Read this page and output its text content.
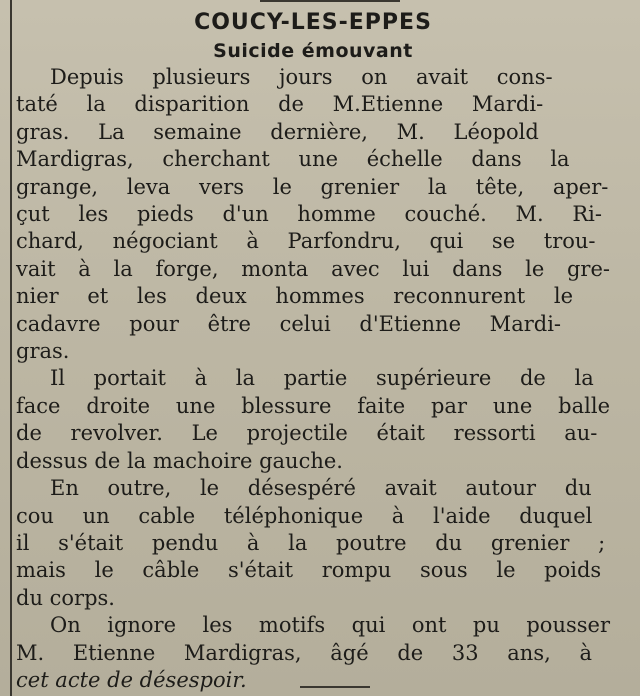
COUCY-LES-EPPES
Suicide émouvant

Depuis plusieurs jours on avait cons-
taté la disparition de M.Etienne Mardi-
gras. La semaine dernière, M. Léopold
Mardigras, cherchant une échelle dans la
grange, leva vers le grenier la tête, aper-
çut les pieds d'un homme couché. M. Ri-
chard, négociant à Parfondru, qui se trou-
vait à la forge, monta avec lui dans le gre-
nier et les deux hommes reconnurent le
cadavre pour être celui d'Etienne Mardi-
gras.

Il portait à la partie supérieure de la
face droite une blessure faite par une balle
de revolver. Le projectile était ressorti au-
dessus de la machoire gauche.

En outre, le désespéré avait autour du
cou un cable téléphonique à l'aide duquel
il s'était pendu à la poutre du grenier ;
mais le câble s'était rompu sous le poids
du corps.

On ignore les motifs qui ont pu pousser
M. Etienne Mardigras, âgé de 33 ans, à
cet acte de désespoir.
